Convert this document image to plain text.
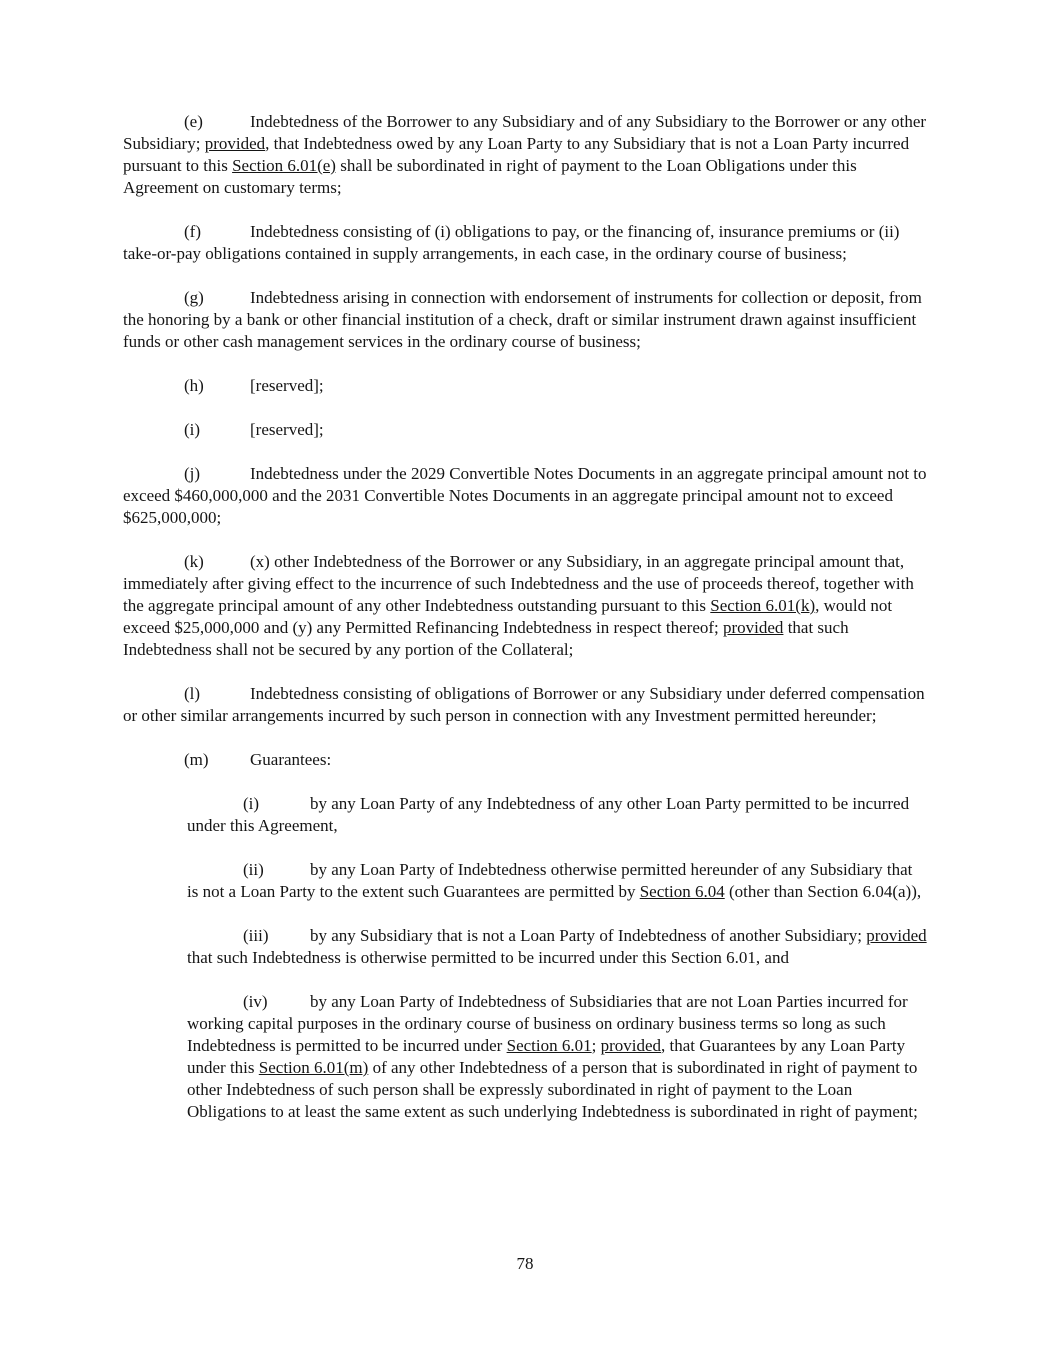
(e)	Indebtedness of the Borrower to any Subsidiary and of any Subsidiary to the Borrower or any other Subsidiary; provided, that Indebtedness owed by any Loan Party to any Subsidiary that is not a Loan Party incurred pursuant to this Section 6.01(e) shall be subordinated in right of payment to the Loan Obligations under this Agreement on customary terms;

(f)	Indebtedness consisting of (i) obligations to pay, or the financing of, insurance premiums or (ii) take-or-pay obligations contained in supply arrangements, in each case, in the ordinary course of business;

(g)	Indebtedness arising in connection with endorsement of instruments for collection or deposit, from the honoring by a bank or other financial institution of a check, draft or similar instrument drawn against insufficient funds or other cash management services in the ordinary course of business;

(h)	[reserved];

(i)	[reserved];

(j)	Indebtedness under the 2029 Convertible Notes Documents in an aggregate principal amount not to exceed $460,000,000 and the 2031 Convertible Notes Documents in an aggregate principal amount not to exceed $625,000,000;

(k)	(x) other Indebtedness of the Borrower or any Subsidiary, in an aggregate principal amount that, immediately after giving effect to the incurrence of such Indebtedness and the use of proceeds thereof, together with the aggregate principal amount of any other Indebtedness outstanding pursuant to this Section 6.01(k), would not exceed $25,000,000 and (y) any Permitted Refinancing Indebtedness in respect thereof; provided that such Indebtedness shall not be secured by any portion of the Collateral;

(l)	Indebtedness consisting of obligations of Borrower or any Subsidiary under deferred compensation or other similar arrangements incurred by such person in connection with any Investment permitted hereunder;

(m) Guarantees:

(i)	by any Loan Party of any Indebtedness of any other Loan Party permitted to be incurred under this Agreement,

(ii)	by any Loan Party of Indebtedness otherwise permitted hereunder of any Subsidiary that is not a Loan Party to the extent such Guarantees are permitted by Section 6.04 (other than Section 6.04(a)),

(iii) by any Subsidiary that is not a Loan Party of Indebtedness of another Subsidiary; provided that such Indebtedness is otherwise permitted to be incurred under this Section 6.01, and

(iv) by any Loan Party of Indebtedness of Subsidiaries that are not Loan Parties incurred for working capital purposes in the ordinary course of business on ordinary business terms so long as such Indebtedness is permitted to be incurred under Section 6.01; provided, that Guarantees by any Loan Party under this Section 6.01(m) of any other Indebtedness of a person that is subordinated in right of payment to other Indebtedness of such person shall be expressly subordinated in right of payment to the Loan Obligations to at least the same extent as such underlying Indebtedness is subordinated in right of payment;

78
